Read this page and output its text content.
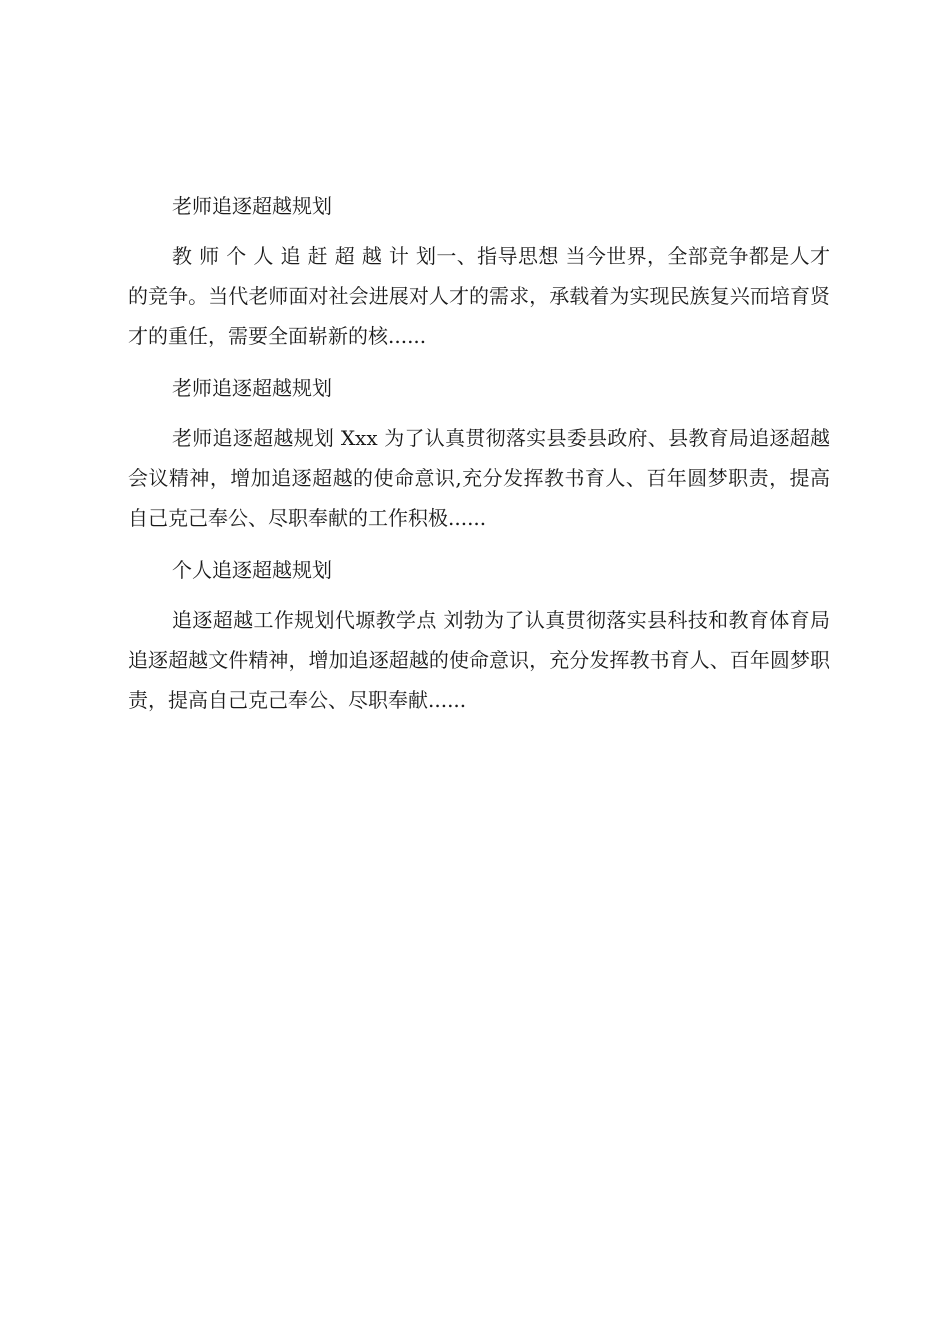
老师追逐超越规划

教 师 个 人 追 赶 超 越 计 划一、指导思想 当今世界，全部竞争都是人才的竞争。当代老师面对社会进展对人才的需求，承载着为实现民族复兴而培育贤才的重任，需要全面崭新的核......

老师追逐超越规划

老师追逐超越规划 Xxx 为了认真贯彻落实县委县政府、县教育局追逐超越会议精神，增加追逐超越的使命意识,充分发挥教书育人、百年圆梦职责，提高自己克己奉公、尽职奉献的工作积极......

个人追逐超越规划

追逐超越工作规划代塬教学点 刘勃为了认真贯彻落实县科技和教育体育局追逐超越文件精神，增加追逐超越的使命意识，充分发挥教书育人、百年圆梦职责，提高自己克己奉公、尽职奉献......
